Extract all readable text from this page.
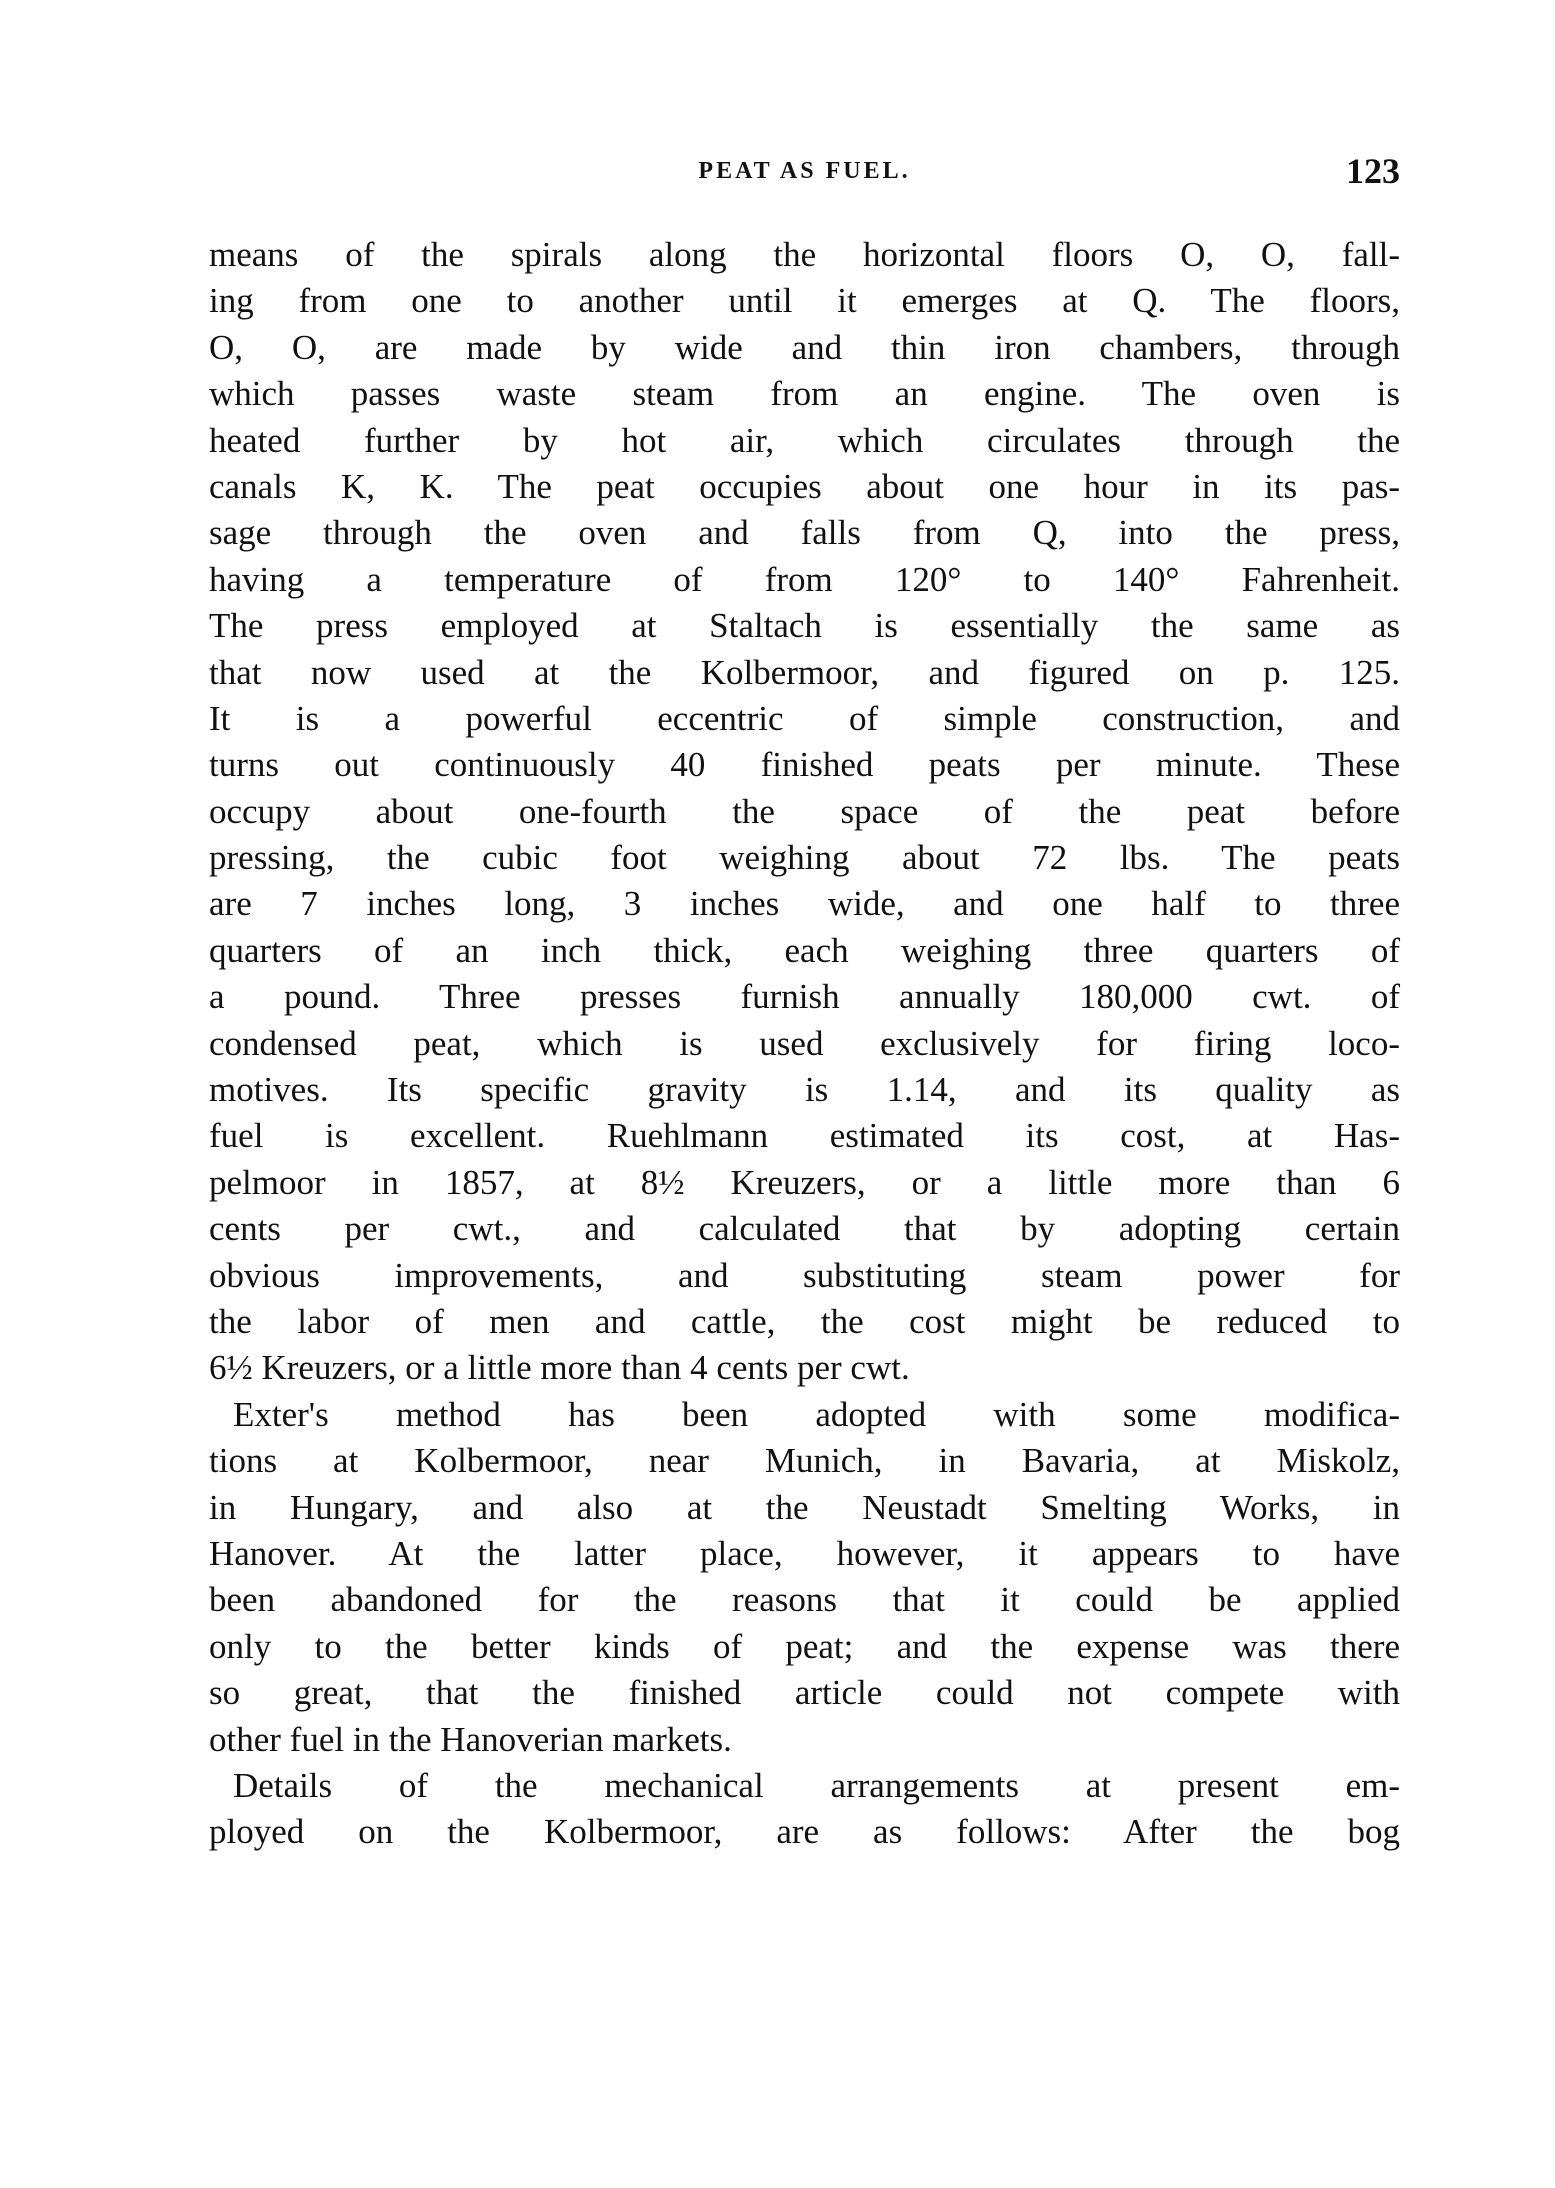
PEAT AS FUEL.	123
means of the spirals along the horizontal floors O, O, fall-
ing from one to another until it emerges at Q. The floors,
O, O, are made by wide and thin iron chambers, through
which passes waste steam from an engine. The oven is
heated further by hot air, which circulates through the
canals K, K. The peat occupies about one hour in its pas-
sage through the oven and falls from Q, into the press,
having a temperature of from 120° to 140° Fahrenheit.
The press employed at Staltach is essentially the same as
that now used at the Kolbermoor, and figured on p. 125.
It is a powerful eccentric of simple construction, and
turns out continuously 40 finished peats per minute. These
occupy about one-fourth the space of the peat before
pressing, the cubic foot weighing about 72 lbs. The peats
are 7 inches long, 3 inches wide, and one half to three
quarters of an inch thick, each weighing three quarters of
a pound. Three presses furnish annually 180,000 cwt. of
condensed peat, which is used exclusively for firing loco-
motives. Its specific gravity is 1.14, and its quality as
fuel is excellent. Ruehlmann estimated its cost, at Has-
pelmoor in 1857, at 8½ Kreuzers, or a little more than 6
cents per cwt., and calculated that by adopting certain
obvious improvements, and substituting steam power for
the labor of men and cattle, the cost might be reduced to
6½ Kreuzers, or a little more than 4 cents per cwt.
Exter's method has been adopted with some modifica-
tions at Kolbermoor, near Munich, in Bavaria, at Miskolz,
in Hungary, and also at the Neustadt Smelting Works, in
Hanover. At the latter place, however, it appears to have
been abandoned for the reasons that it could be applied
only to the better kinds of peat; and the expense was there
so great, that the finished article could not compete with
other fuel in the Hanoverian markets.
Details of the mechanical arrangements at present em-
ployed on the Kolbermoor, are as follows: After the bog
